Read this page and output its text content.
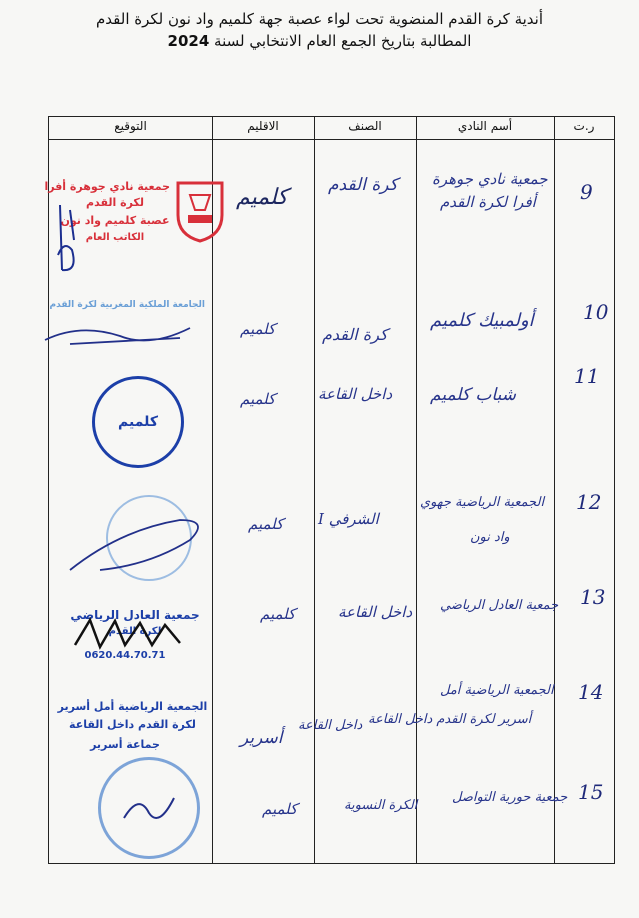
أندية كرة القدم المنضوية تحت لواء عصبة جهة كلميم واد نون لكرة القدم
المطالبة بتاريخ الجمع العام الانتخابي لسنة 2024
ر.ت
أسم النادي
الصنف
الاقليم
التوقيع
9
جمعية نادي جوهرة
أفرا لكرة القدم
كرة القدم
كلميم
جمعية نادي جوهرة أفرا
لكرة القدم
عصبة كلميم واد نون
الكاتب العام
10
أولمبيك كلميم
كرة القدم
كلميم
الجامعة الملكية المغربية لكرة القدم
11
شباب كلميم
داخل القاعة
كلميم
كلميم
12
الجمعية الرياضية جهوي
واد نون
الشرفي I
كلميم
13
جمعية العادل الرياضي
داخل القاعة
كلميم
جمعية العادل الرياضي
لكرة القدم
0620.44.70.71
14
الجمعية الرياضية أمل
أسرير لكرة القدم داخل القاعة
داخل القاعة
أسرير
الجمعية الرياضية أمل أسرير
لكرة القدم داخل القاعة
جماعة أسرير
15
جمعية حورية التواصل
الكرة النسوية
كلميم
